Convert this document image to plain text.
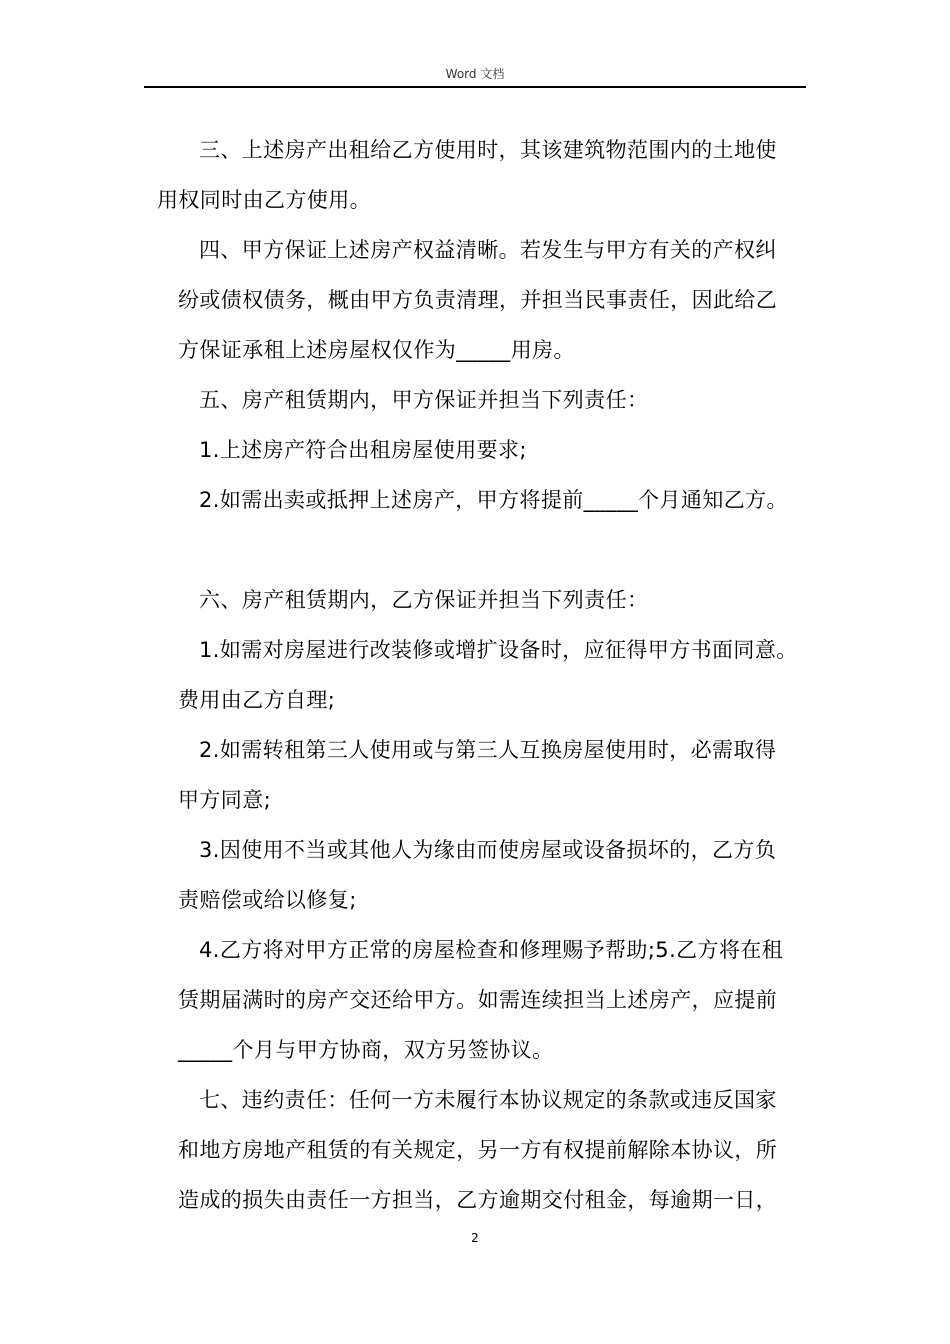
Word 文档

三、上述房产出租给乙方使用时，其该建筑物范围内的土地使
用权同时由乙方使用。

四、甲方保证上述房产权益清晰。若发生与甲方有关的产权纠
纷或债权债务，概由甲方负责清理，并担当民事责任，因此给乙
方保证承租上述房屋权仅作为_____用房。

五、房产租赁期内，甲方保证并担当下列责任：

1.上述房产符合出租房屋使用要求;

2.如需出卖或抵押上述房产，甲方将提前_____个月通知乙方。

六、房产租赁期内，乙方保证并担当下列责任：

1.如需对房屋进行改装修或增扩设备时，应征得甲方书面同意。
费用由乙方自理;

2.如需转租第三人使用或与第三人互换房屋使用时，必需取得
甲方同意;

3.因使用不当或其他人为缘由而使房屋或设备损坏的，乙方负
责赔偿或给以修复;

4.乙方将对甲方正常的房屋检查和修理赐予帮助;5.乙方将在租
赁期届满时的房产交还给甲方。如需连续担当上述房产，应提前
_____个月与甲方协商，双方另签协议。

七、违约责任：任何一方未履行本协议规定的条款或违反国家
和地方房地产租赁的有关规定，另一方有权提前解除本协议，所
造成的损失由责任一方担当，乙方逾期交付租金，每逾期一日，

2
